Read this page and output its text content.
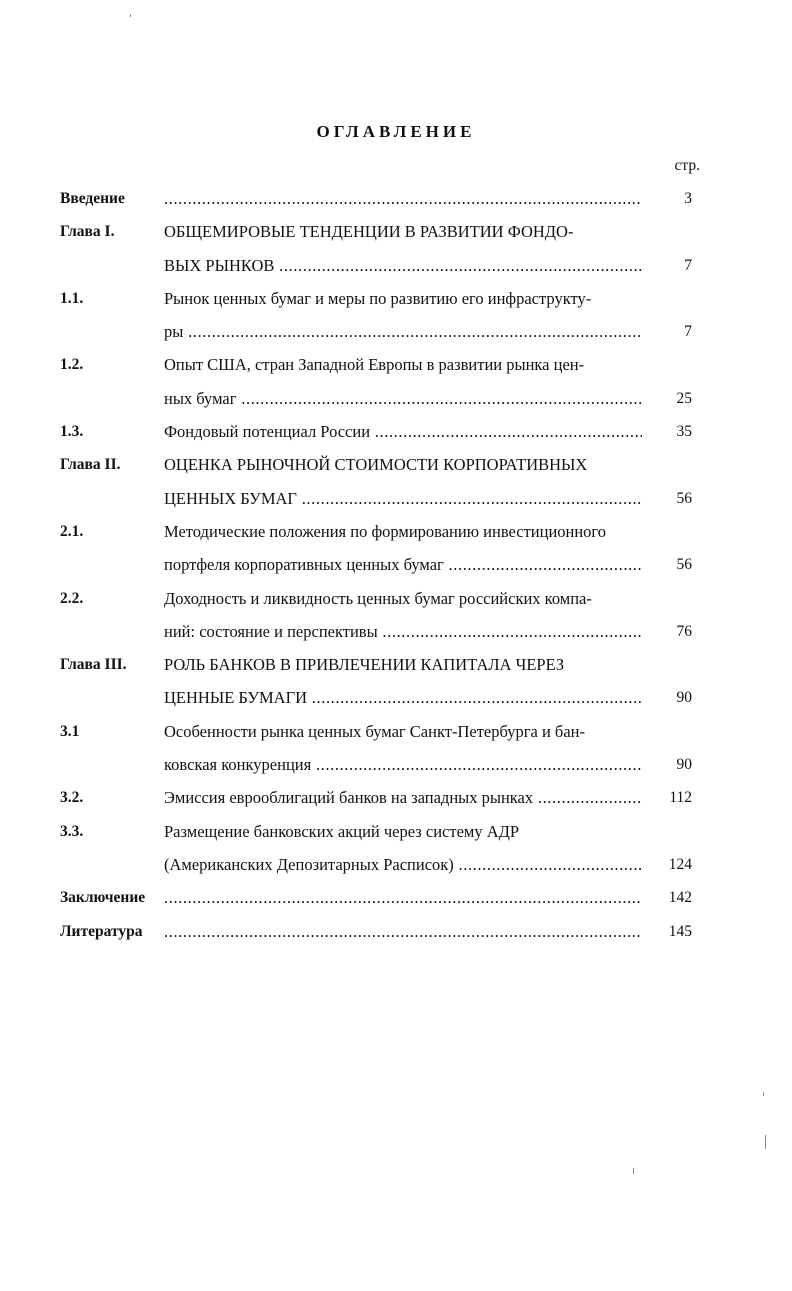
ОГЛАВЛЕНИЕ
стр.
Введение .....	3
Глава I.	ОБЩЕМИРОВЫЕ ТЕНДЕНЦИИ В РАЗВИТИИ ФОНДО-
ВЫХ РЫНКОВ .....	7
1.1.	Рынок ценных бумаг и меры по развитию его инфраструкту-
ры .....	7
1.2.	Опыт США, стран Западной Европы в развитии рынка цен-
ных бумаг .....	25
1.3.	Фондовый потенциал России .....	35
Глава II.	ОЦЕНКА РЫНОЧНОЙ СТОИМОСТИ КОРПОРАТИВНЫХ
ЦЕННЫХ БУМАГ .....	56
2.1.	Методические положения по формированию инвестиционного
портфеля корпоративных ценных бумаг .....	56
2.2.	Доходность и ликвидность ценных бумаг российских компа-
ний: состояние и перспективы .....	76
Глава III. РОЛЬ БАНКОВ В ПРИВЛЕЧЕНИИ КАПИТАЛА ЧЕРЕЗ
ЦЕННЫЕ БУМАГИ .....	90
3.1	Особенности рынка ценных бумаг Санкт-Петербурга и бан-
ковская конкуренция .....	90
3.2.	Эмиссия еврооблигаций банков на западных рынках .....	112
3.3.	Размещение банковских акций через систему АДР
(Американских Депозитарных Расписок) .....	124
Заключение .....	142
Литература .....	145
